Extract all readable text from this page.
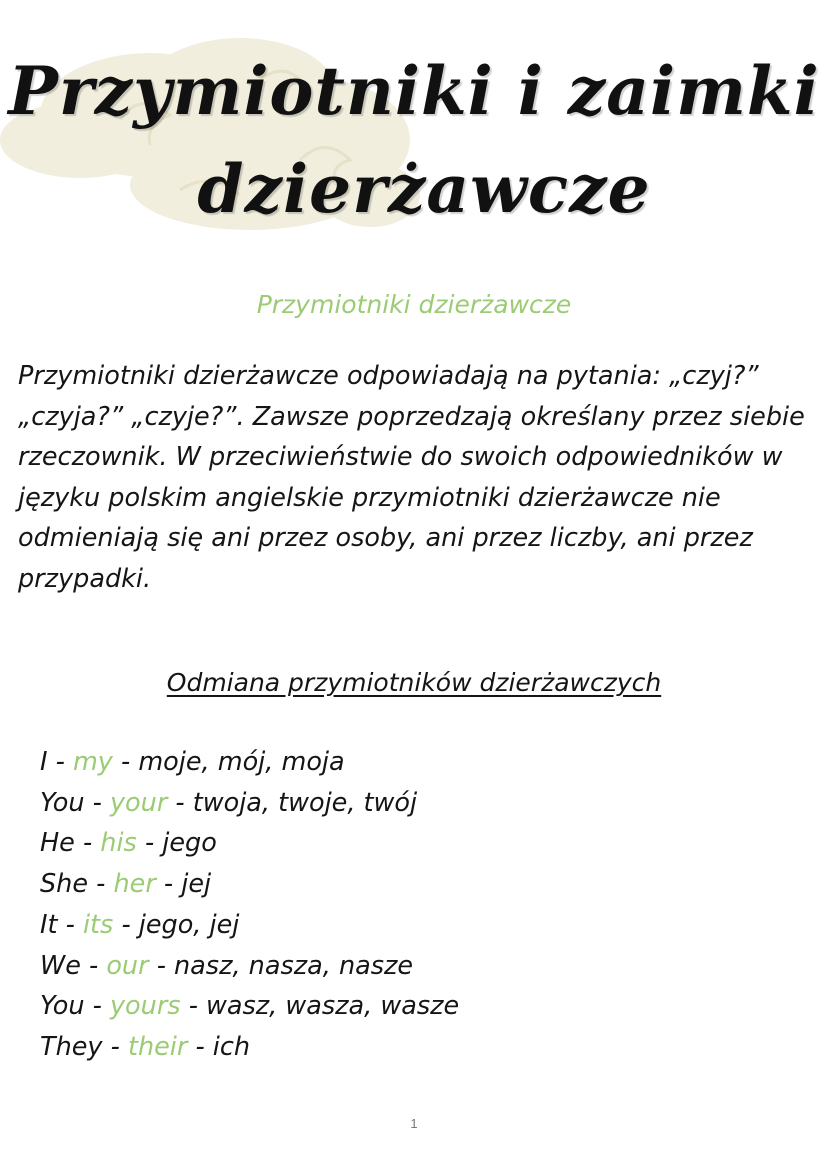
Przymiotniki i zaimki
dzierżawcze
Przymiotniki dzierżawcze

Przymiotniki dzierżawcze odpowiadają na pytania: „czyj?” „czyja?” „czyje?”. Zawsze poprzedzają określany przez siebie rzeczownik. W przeciwieństwie do swoich odpowiedników w języku polskim angielskie przymiotniki dzierżawcze nie odmieniają się ani przez osoby, ani przez liczby, ani przez przypadki.

Odmiana przymiotników dzierżawczych
I - my - moje, mój, moja
You - your - twoja, twoje, twój
He - his - jego
She - her - jej
It - its - jego, jej
We - our - nasz, nasza, nasze
You - yours - wasz, wasza, wasze
They - their - ich
1
